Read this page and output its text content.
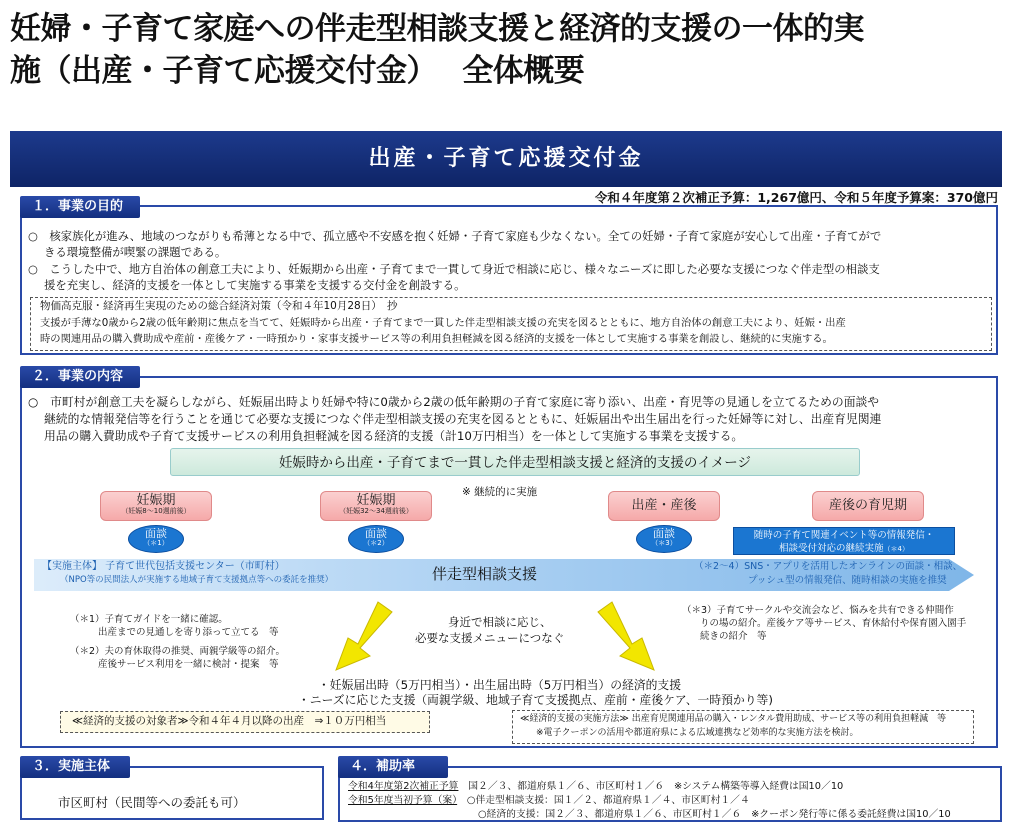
妊婦・子育て家庭への伴走型相談支援と経済的支援の一体的実
施（出産・子育て応援交付金）　 全体概要
出産・子育て応援交付金
令和４年度第２次補正予算：1,267億円、令和５年度予算案：370億円
１．事業の目的
○　核家族化が進み、地域のつながりも希薄となる中で、孤立感や不安感を抱く妊婦・子育て家庭も少なくない。全ての妊婦・子育て家庭が安心して出産・子育てがで
きる環境整備が喫緊の課題である。
○　こうした中で、地方自治体の創意工夫により、妊娠期から出産・子育てまで一貫して身近で相談に応じ、様々なニーズに即した必要な支援につなぐ伴走型の相談支
援を充実し、経済的支援を一体として実施する事業を支援する交付金を創設する。
物価高克服・経済再生実現のための総合経済対策（令和４年10月28日）　抄
支援が手薄な0歳から2歳の低年齢期に焦点を当てて、妊娠時から出産・子育てまで一貫した伴走型相談支援の充実を図るとともに、地方自治体の創意工夫により、妊娠・出産
時の関連用品の購入費助成や産前・産後ケア・一時預かり・家事支援サービス等の利用負担軽減を図る経済的支援を一体として実施する事業を創設し、継続的に実施する。
２．事業の内容
○　市町村が創意工夫を凝らしながら、妊娠届出時より妊婦や特に0歳から2歳の低年齢期の子育て家庭に寄り添い、出産・育児等の見通しを立てるための面談や
継続的な情報発信等を行うことを通じて必要な支援につなぐ伴走型相談支援の充実を図るとともに、妊娠届出や出生届出を行った妊婦等に対し、出産育児関連
用品の購入費助成や子育て支援サービスの利用負担軽減を図る経済的支援（計10万円相当）を一体として実施する事業を支援する。
妊娠時から出産・子育てまで一貫した伴走型相談支援と経済的支援のイメージ
※ 継続的に実施
妊娠期
（妊娠8～10週前後）
妊娠期
（妊娠32～34週前後）	出産・産後	産後の育児期
面談
（＊1）
面談
（＊2）
面談
（＊3）
随時の子育て関連イベント等の情報発信・
相談受付対応の継続実施（＊4）
伴走型相談支援
【実施主体】 子育て世代包括支援センター（市町村）
（NPO等の民間法人が実施する地域子育て支援拠点等への委託を推奨）
（＊2～4）SNS・アプリを活用したオンラインの面談・相談、
プッシュ型の情報発信、随時相談の実施を推奨
（＊1）子育てガイドを一緒に確認。
出産までの見通しを寄り添って立てる　等
（＊2）夫の育休取得の推奨、両親学級等の紹介。
産後サービス利用を一緒に検討・提案　等
（＊3）子育てサークルや交流会など、悩みを共有できる仲間作
りの場の紹介。産後ケア等サービス、育休給付や保育園入園手
続きの紹介　等
身近で相談に応じ、
必要な支援メニューにつなぐ
・妊娠届出時（5万円相当）・出生届出時（5万円相当）の経済的支援
・ニーズに応じた支援（両親学級、地域子育て支援拠点、産前・産後ケア、一時預かり等)
≪経済的支援の対象者≫令和４年４月以降の出産　⇒１０万円相当	≪経済的支援の実施方法≫ 出産育児関連用品の購入・レンタル費用助成、サービス等の利用負担軽減　等
※電子クーポンの活用や都道府県による広域連携など効率的な実施方法を検討。
３．実施主体
市区町村（民間等への委託も可）
４．補助率
令和4年度第2次補正予算　 国２／３、都道府県１／６、市区町村１／６　※システム構築等導入経費は国10／10
令和5年度当初予算（案）　 ○伴走型相談支援：国１／２、都道府県１／４、市区町村１／４
○経済的支援：国２／３、都道府県１／６、市区町村１／６　※クーポン発行等に係る委託経費は国10／10
